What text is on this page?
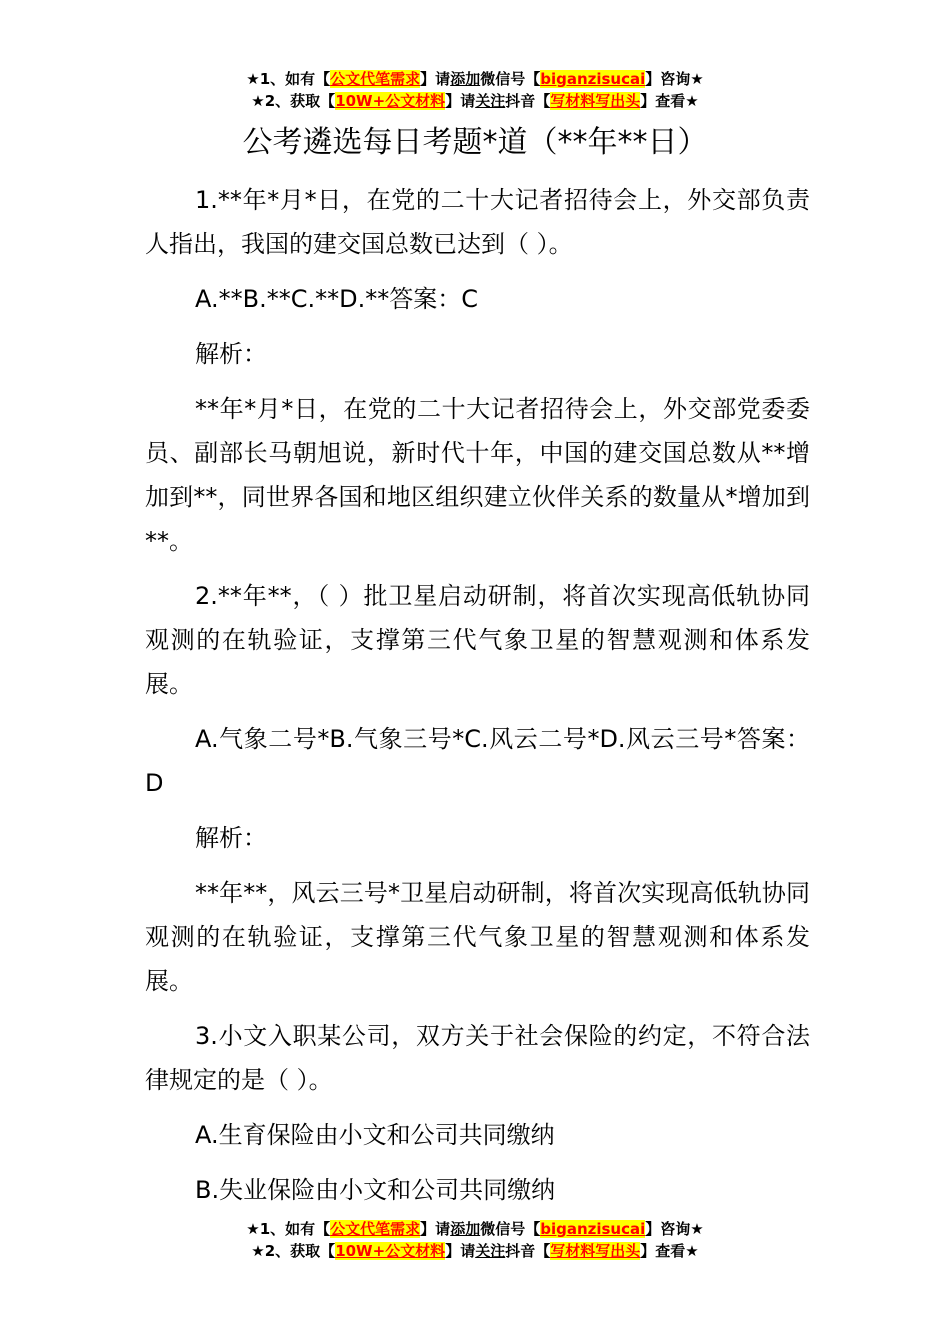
★1、如有【公文代笔需求】请添加微信号【biganzisucai】咨询★
★2、获取【10W+公文材料】请关注抖音【写材料写出头】查看★
公考遴选每日考题*道（**年**日）

1.**年*月*日，在党的二十大记者招待会上，外交部负责人指出，我国的建交国总数已达到（ ）。

A.**B.**C.**D.**答案：C

解析：

**年*月*日，在党的二十大记者招待会上，外交部党委委员、副部长马朝旭说，新时代十年，中国的建交国总数从**增加到**，同世界各国和地区组织建立伙伴关系的数量从*增加到**。

2.**年**，（ ）批卫星启动研制，将首次实现高低轨协同观测的在轨验证，支撑第三代气象卫星的智慧观测和体系发展。

A.气象二号*B.气象三号*C.风云二号*D.风云三号*答案：D

解析：

**年**，风云三号*卫星启动研制，将首次实现高低轨协同观测的在轨验证，支撑第三代气象卫星的智慧观测和体系发展。

3.小文入职某公司，双方关于社会保险的约定，不符合法律规定的是（ ）。

A.生育保险由小文和公司共同缴纳

B.失业保险由小文和公司共同缴纳

★1、如有【公文代笔需求】请添加微信号【biganzisucai】咨询★
★2、获取【10W+公文材料】请关注抖音【写材料写出头】查看★
